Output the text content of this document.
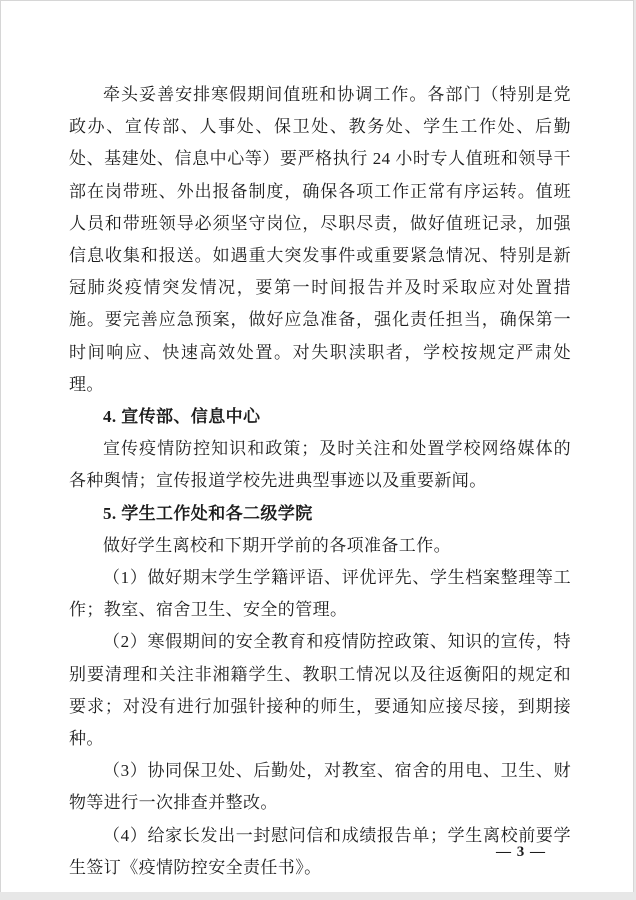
牵头妥善安排寒假期间值班和协调工作。各部门（特别是党政办、宣传部、人事处、保卫处、教务处、学生工作处、后勤处、基建处、信息中心等）要严格执行 24 小时专人值班和领导干部在岗带班、外出报备制度，确保各项工作正常有序运转。值班人员和带班领导必须坚守岗位，尽职尽责，做好值班记录，加强信息收集和报送。如遇重大突发事件或重要紧急情况、特别是新冠肺炎疫情突发情况，要第一时间报告并及时采取应对处置措施。要完善应急预案，做好应急准备，强化责任担当，确保第一时间响应、快速高效处置。对失职渎职者，学校按规定严肃处理。

4. 宣传部、信息中心

宣传疫情防控知识和政策；及时关注和处置学校网络媒体的各种舆情；宣传报道学校先进典型事迹以及重要新闻。

5. 学生工作处和各二级学院

做好学生离校和下期开学前的各项准备工作。

（1）做好期末学生学籍评语、评优评先、学生档案整理等工作；教室、宿舍卫生、安全的管理。

（2）寒假期间的安全教育和疫情防控政策、知识的宣传，特别要清理和关注非湘籍学生、教职工情况以及往返衡阳的规定和要求；对没有进行加强针接种的师生，要通知应接尽接，到期接种。

（3）协同保卫处、后勤处，对教室、宿舍的用电、卫生、财物等进行一次排查并整改。

（4）给家长发出一封慰问信和成绩报告单；学生离校前要学生签订《疫情防控安全责任书》。

— 3 —
